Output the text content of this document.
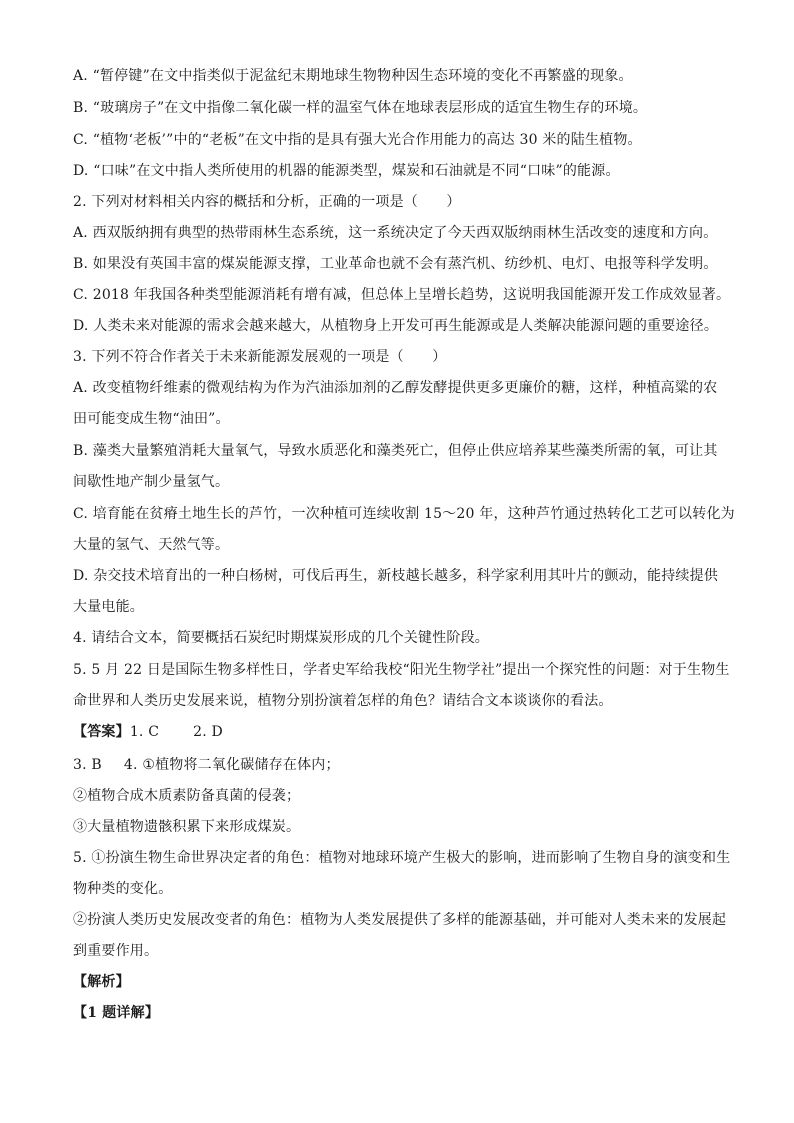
A. “暂停键”在文中指类似于泥盆纪末期地球生物物种因生态环境的变化不再繁盛的现象。
B. “玻璃房子”在文中指像二氧化碳一样的温室气体在地球表层形成的适宜生物生存的环境。
C. “植物‘老板’”中的“老板”在文中指的是具有强大光合作用能力的高达 30 米的陆生植物。
D. “口味”在文中指人类所使用的机器的能源类型，煤炭和石油就是不同“口味”的能源。
2. 下列对材料相关内容的概括和分析，正确的一项是（　　）
A. 西双版纳拥有典型的热带雨林生态系统，这一系统决定了今天西双版纳雨林生活改变的速度和方向。
B. 如果没有英国丰富的煤炭能源支撑，工业革命也就不会有蒸汽机、纺纱机、电灯、电报等科学发明。
C. 2018 年我国各种类型能源消耗有增有减，但总体上呈增长趋势，这说明我国能源开发工作成效显著。
D. 人类未来对能源的需求会越来越大，从植物身上开发可再生能源或是人类解决能源问题的重要途径。
3. 下列不符合作者关于未来新能源发展观的一项是（　　）
A. 改变植物纤维素的微观结构为作为汽油添加剂的乙醇发酵提供更多更廉价的糖，这样，种植高粱的农
田可能变成生物“油田”。
B. 藻类大量繁殖消耗大量氧气，导致水质恶化和藻类死亡，但停止供应培养某些藻类所需的氧，可让其
间歇性地产制少量氢气。
C. 培育能在贫瘠土地生长的芦竹，一次种植可连续收割 15～20 年，这种芦竹通过热转化工艺可以转化为
大量的氢气、天然气等。
D. 杂交技术培育出的一种白杨树，可伐后再生，新枝越长越多，科学家利用其叶片的颤动，能持续提供
大量电能。
4. 请结合文本，简要概括石炭纪时期煤炭形成的几个关键性阶段。
5. 5 月 22 日是国际生物多样性日，学者史军给我校“阳光生物学社”提出一个探究性的问题：对于生物生
命世界和人类历史发展来说，植物分别扮演着怎样的角色？请结合文本谈谈你的看法。
【答案】1. C 2. D
3. B 4. ①植物将二氧化碳储存在体内；
②植物合成木质素防备真菌的侵袭；
③大量植物遗骸积累下来形成煤炭。
5. ①扮演生物生命世界决定者的角色：植物对地球环境产生极大的影响，进而影响了生物自身的演变和生
物种类的变化。
②扮演人类历史发展改变者的角色：植物为人类发展提供了多样的能源基础，并可能对人类未来的发展起
到重要作用。
【解析】
【1 题详解】
